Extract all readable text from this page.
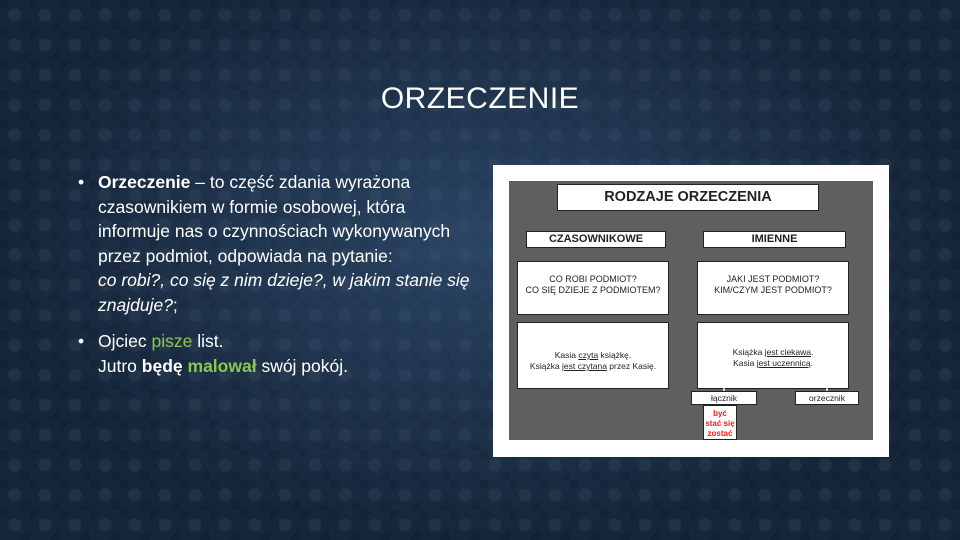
ORZECZENIE
• Orzeczenie – to część zdania wyrażona czasownikiem w formie osobowej, która informuje nas o czynnościach wykonywanych przez podmiot, odpowiada na pytanie:
co robi?, co się z nim dzieje?, w jakim stanie się znajduje?;
• Ojciec pisze list.
Jutro będę malował swój pokój.
RODZAJE ORZECZENIA
CZASOWNIKOWE	IMIENNE
CO ROBI PODMIOT?
CO SIĘ DZIEJE Z PODMIOTEM?
JAKI JEST PODMIOT?
KIM/CZYM JEST PODMIOT?
Kasia czyta książkę.
Książka jest czytana przez Kasię.
Książka jest ciekawa.
Kasia jest uczennicą.
łącznik	orzecznik
być
stać się
zostać
